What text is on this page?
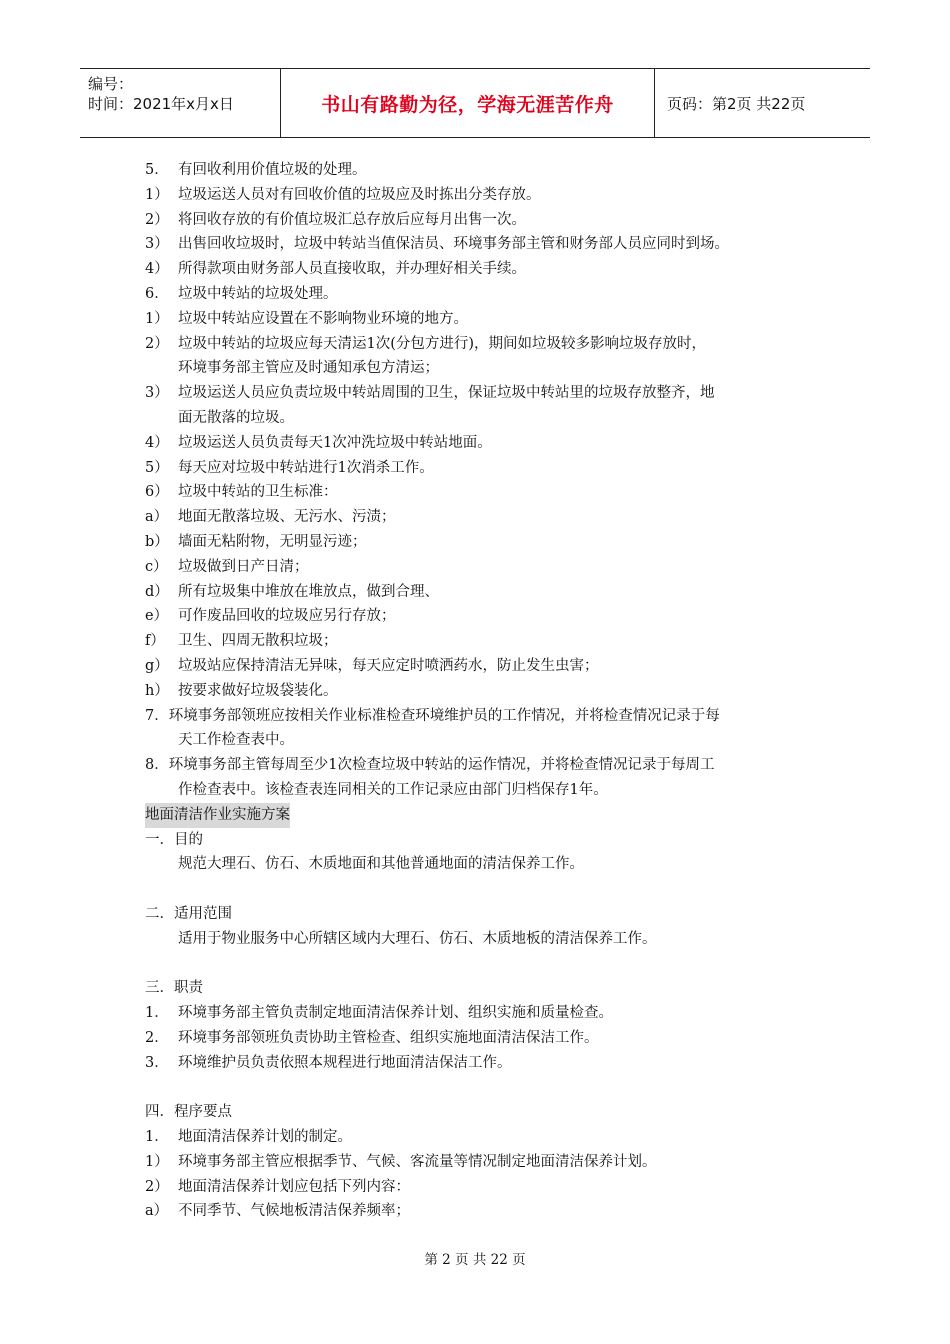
编号：
时间：2021年x月x日	书山有路勤为径，学海无涯苦作舟	页码：第2页 共22页
5． 有回收利用价值垃圾的处理。
1） 垃圾运送人员对有回收价值的垃圾应及时拣出分类存放。
2） 将回收存放的有价值垃圾汇总存放后应每月出售一次。
3） 出售回收垃圾时，垃圾中转站当值保洁员、环境事务部主管和财务部人员应同时到场。
4） 所得款项由财务部人员直接收取，并办理好相关手续。
6． 垃圾中转站的垃圾处理。
1） 垃圾中转站应设置在不影响物业环境的地方。
2） 垃圾中转站的垃圾应每天清运1次(分包方进行)，期间如垃圾较多影响垃圾存放时，
环境事务部主管应及时通知承包方清运；
3） 垃圾运送人员应负责垃圾中转站周围的卫生，保证垃圾中转站里的垃圾存放整齐，地
面无散落的垃圾。
4） 垃圾运送人员负责每天1次冲洗垃圾中转站地面。
5） 每天应对垃圾中转站进行1次消杀工作。
6） 垃圾中转站的卫生标准：
a） 地面无散落垃圾、无污水、污渍；
b） 墙面无粘附物，无明显污迹；
c） 垃圾做到日产日清；
d） 所有垃圾集中堆放在堆放点，做到合理、
e） 可作废品回收的垃圾应另行存放；
f） 卫生、四周无散积垃圾；
g） 垃圾站应保持清洁无异味，每天应定时喷洒药水，防止发生虫害；
h） 按要求做好垃圾袋装化。
7．环境事务部领班应按相关作业标准检查环境维护员的工作情况，并将检查情况记录于每
天工作检查表中。
8．环境事务部主管每周至少1次检查垃圾中转站的运作情况，并将检查情况记录于每周工
作检查表中。该检查表连同相关的工作记录应由部门归档保存1年。
地面清洁作业实施方案
一．目的
规范大理石、仿石、木质地面和其他普通地面的清洁保养工作。
二．适用范围
适用于物业服务中心所辖区域内大理石、仿石、木质地板的清洁保养工作。
三．职责
1． 环境事务部主管负责制定地面清洁保养计划、组织实施和质量检查。
2． 环境事务部领班负责协助主管检查、组织实施地面清洁保洁工作。
3． 环境维护员负责依照本规程进行地面清洁保洁工作。
四．程序要点
1． 地面清洁保养计划的制定。
1） 环境事务部主管应根据季节、气候、客流量等情况制定地面清洁保养计划。
2） 地面清洁保养计划应包括下列内容：
a） 不同季节、气候地板清洁保养频率；
第 2 页 共 22 页
